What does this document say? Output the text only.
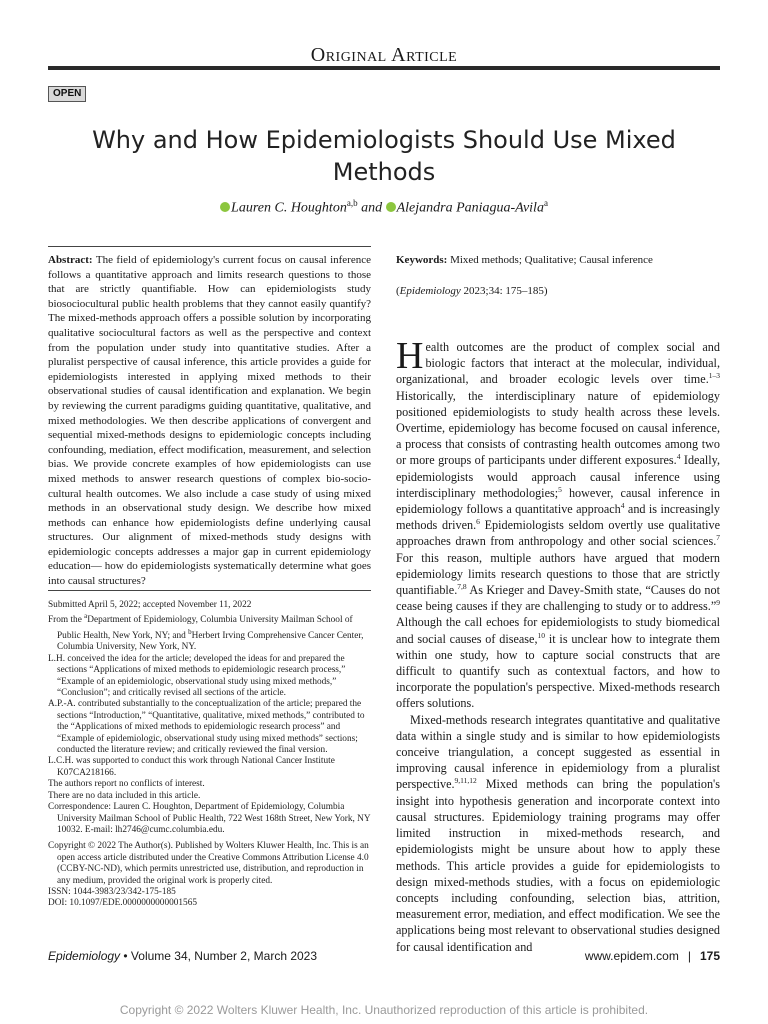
Original Article
OPEN
Why and How Epidemiologists Should Use Mixed Methods
Lauren C. Houghton$^{a,b}$ and Alejandra Paniagua-Avila$^a$
Abstract: The field of epidemiology's current focus on causal inference follows a quantitative approach and limits research questions to those that are strictly quantifiable. How can epidemiologists study biosociocultural public health problems that they cannot easily quantify? The mixed-methods approach offers a possible solution by incorporating qualitative sociocultural factors as well as the perspective and context from the population under study into quantitative studies. After a pluralist perspective of causal inference, this article provides a guide for epidemiologists interested in applying mixed methods to their observational studies of causal identification and explanation. We begin by reviewing the current paradigms guiding quantitative, qualitative, and mixed methodologies. We then describe applications of convergent and sequential mixed-methods designs to epidemiologic concepts including confounding, mediation, effect modification, measurement, and selection bias. We provide concrete examples of how epidemiologists can use mixed methods to answer research questions of complex bio-socio-cultural health outcomes. We also include a case study of using mixed methods in an observational study design. We describe how mixed methods can enhance how epidemiologists define underlying causal structures. Our alignment of mixed-methods study designs with epidemiologic concepts addresses a major gap in current epidemiology education— how do epidemiologists systematically determine what goes into causal structures?
Keywords: Mixed methods; Qualitative; Causal inference
(Epidemiology 2023;34: 175–185)

Submitted April 5, 2022; accepted November 11, 2022

From the $^a$Department of Epidemiology, Columbia University Mailman School of Public Health, New York, NY; and $^b$Herbert Irving Comprehensive Cancer Center, Columbia University, New York, NY.

L.H. conceived the idea for the article; developed the ideas for and prepared the sections “Applications of mixed methods to epidemiologic research process,” “Example of an epidemiologic, observational study using mixed methods,” “Conclusion”; and critically revised all sections of the article.

A.P.-A. contributed substantially to the conceptualization of the article; prepared the sections “Introduction,” “Quantitative, qualitative, mixed methods,” contributed to the “Applications of mixed methods to epidemiologic research process” and “Example of epidemiologic, observational study using mixed methods” sections; conducted the literature review; and critically reviewed the final version.

L.C.H. was supported to conduct this work through National Cancer Institute K07CA218166.

The authors report no conflicts of interest.

There are no data included in this article.

Correspondence: Lauren C. Houghton, Department of Epidemiology, Columbia University Mailman School of Public Health, 722 West 168th Street, New York, NY 10032. E-mail: lh2746@cumc.columbia.edu.

Copyright © 2022 The Author(s). Published by Wolters Kluwer Health, Inc. This is an open access article distributed under the Creative Commons Attribution License 4.0 (CCBY-NC-ND), which permits unrestricted use, distribution, and reproduction in any medium, provided the original work is properly cited.

ISSN: 1044-3983/23/342-175-185

DOI: 10.1097/EDE.0000000000001565

Health outcomes are the product of complex social and biologic factors that interact at the molecular, individual, organizational, and broader ecologic levels over time.$^{1-3}$ Historically, the interdisciplinary nature of epidemiology positioned epidemiologists to study health across these levels. Overtime, epidemiology has become focused on causal inference, a process that consists of contrasting health outcomes among two or more groups of participants under different exposures.$^4$ Ideally, epidemiologists would approach causal inference using interdisciplinary methodologies;$^5$ however, causal inference in epidemiology follows a quantitative approach$^4$ and is increasingly methods driven.$^6$ Epidemiologists seldom overtly use qualitative approaches drawn from anthropology and other social sciences.$^7$ For this reason, multiple authors have argued that modern epidemiology limits research questions to those that are strictly quantifiable.$^{7,8}$ As Krieger and Davey-Smith state, “Causes do not cease being causes if they are challenging to study or to address.”$^9$ Although the call echoes for epidemiologists to study biomedical and social causes of disease,$^{10}$ it is unclear how to integrate them within one study, how to capture social constructs that are difficult to quantify such as contextual factors, and how to incorporate the population's perspective. Mixed-methods research offers solutions.

Mixed-methods research integrates quantitative and qualitative data within a single study and is similar to how epidemiologists conceive triangulation, a concept suggested as essential in improving causal inference in epidemiology from a pluralist perspective.$^{9,11,12}$ Mixed methods can bring the population's insight into hypothesis generation and incorporate context into causal structures. Epidemiology training programs may offer limited instruction in mixed-methods research, and epidemiologists might be unsure about how to apply these methods. This article provides a guide for epidemiologists to design mixed-methods studies, with a focus on epidemiologic concepts including confounding, selection bias, attrition, measurement error, mediation, and effect modification. We see the applications being most relevant to observational studies designed for causal identification and

Epidemiology • Volume 34, Number 2, March 2023	www.epidem.com | 175
Copyright © 2022 Wolters Kluwer Health, Inc. Unauthorized reproduction of this article is prohibited.
